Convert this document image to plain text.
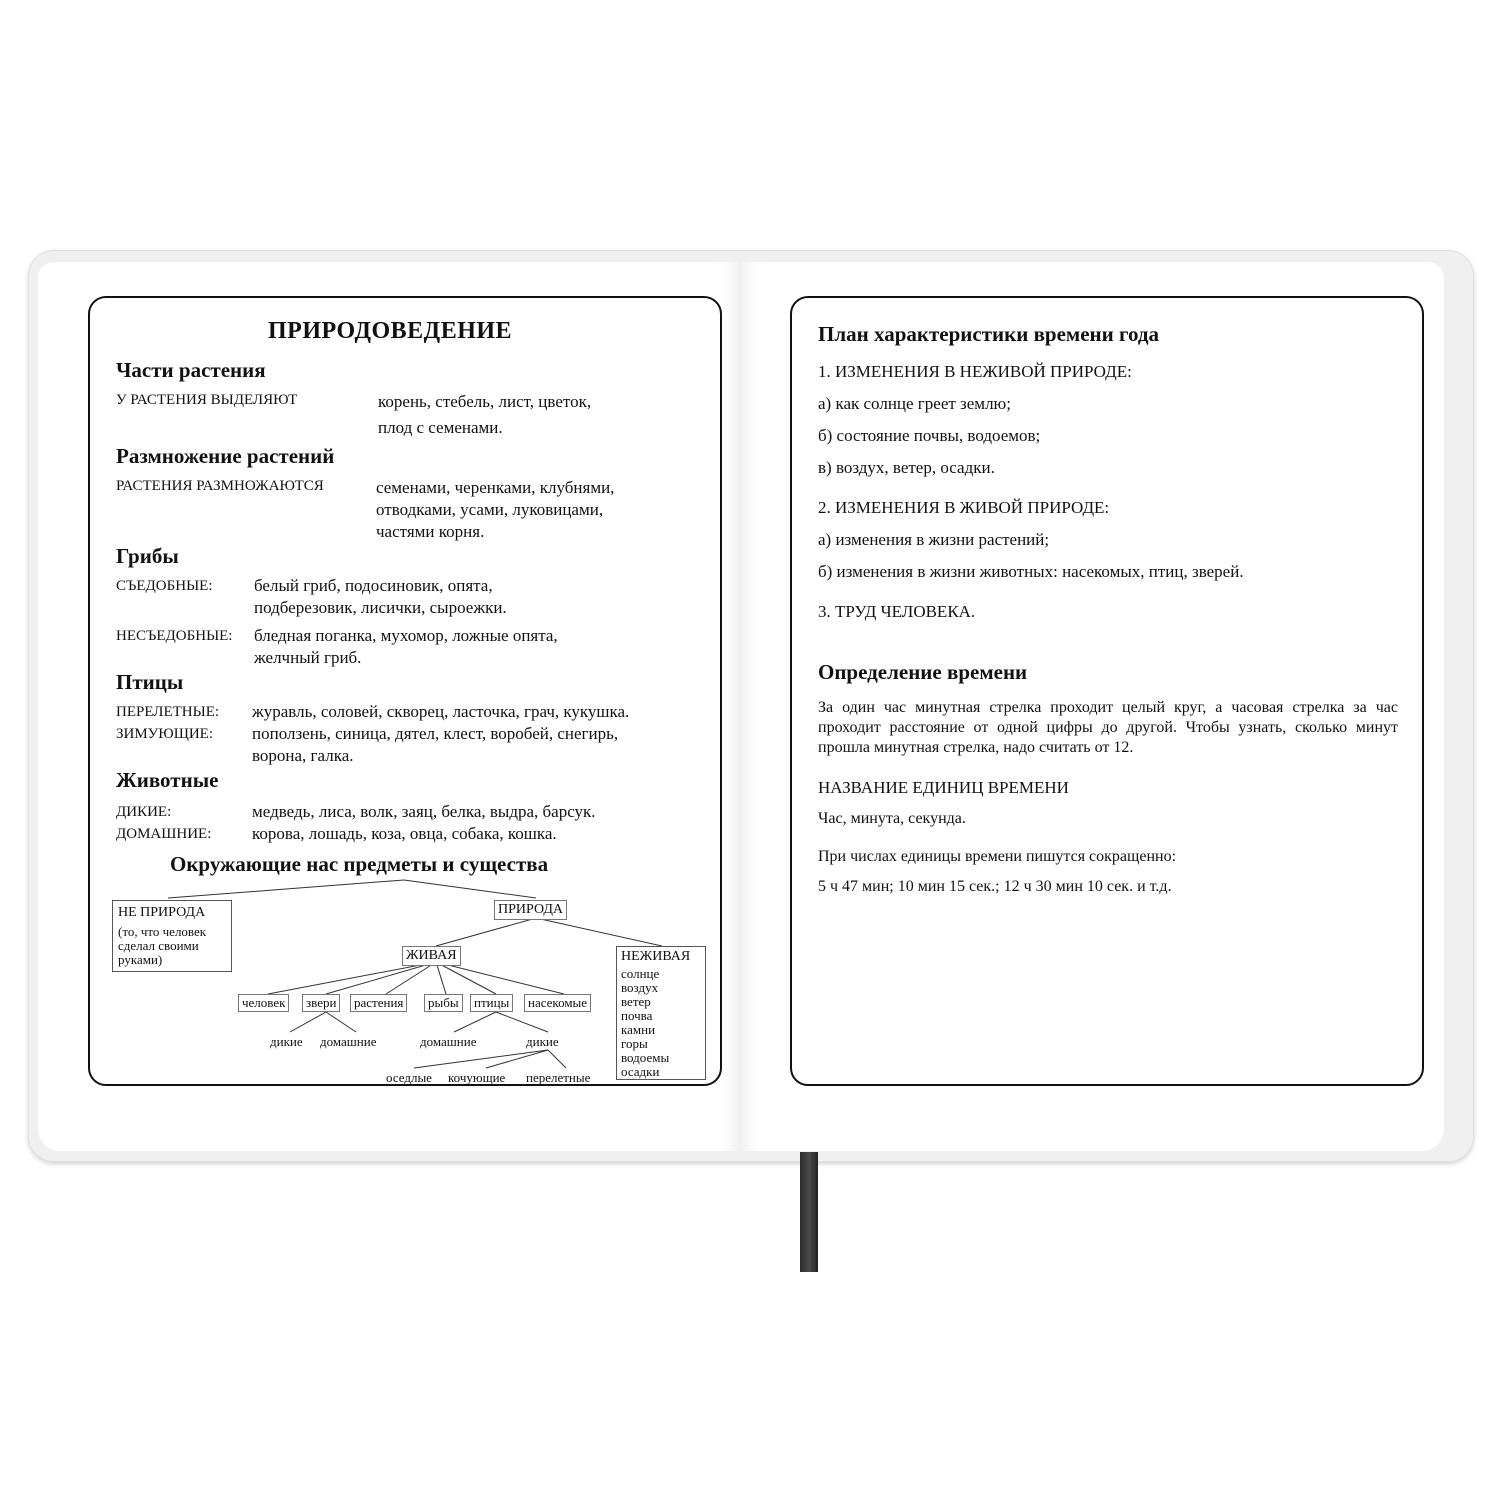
ПРИРОДОВЕДЕНИЕ
Части растения
У РАСТЕНИЯ ВЫДЕЛЯЮТ	корень, стебель, лист, цветок,
плод с семенами.
Размножение растений
РАСТЕНИЯ РАЗМНОЖАЮТСЯ	семенами, черенками, клубнями,
отводками, усами, луковицами,
частями корня.
Грибы
СЪЕДОБНЫЕ: белый гриб, подосиновик, опята,
подберезовик, лисички, сыроежки.
НЕСЪЕДОБНЫЕ: бледная поганка, мухомор, ложные опята,
желчный гриб.
Птицы
ПЕРЕЛЕТНЫЕ: журавль, соловей, скворец, ласточка, грач, кукушка.
ЗИМУЮЩИЕ: поползень, синица, дятел, клест, воробей, снегирь,
ворона, галка.
Животные
ДИКИЕ:	медведь, лиса, волк, заяц, белка, выдра, барсук.
ДОМАШНИЕ: корова, лошадь, коза, овца, собака, кошка.
Окружающие нас предметы и существа
НЕ ПРИРОДА
(то, что человек
сделал своими
руками)
ПРИРОДА
ЖИВАЯ	НЕЖИВАЯ
солнце
воздух
ветер
почва
камни
горы
водоемы
осадки
человек	звери	растения	рыбы	птицы	насекомые
дикие домашние	домашние	дикие
оседлые кочующие перелетные
План характеристики времени года
1. ИЗМЕНЕНИЯ В НЕЖИВОЙ ПРИРОДЕ:
а) как солнце греет землю;
б) состояние почвы, водоемов;
в) воздух, ветер, осадки.
2. ИЗМЕНЕНИЯ В ЖИВОЙ ПРИРОДЕ:
а) изменения в жизни растений;
б) изменения в жизни животных: насекомых, птиц, зверей.
3. ТРУД ЧЕЛОВЕКА.
Определение времени
За один час минутная стрелка проходит целый круг, а часовая стрелка за час проходит расстояние от одной цифры до другой. Чтобы узнать, сколько минут прошла минутная стрелка, надо считать от 12.
НАЗВАНИЕ ЕДИНИЦ ВРЕМЕНИ
Час, минута, секунда.
При числах единицы времени пишутся сокращенно:
5 ч 47 мин; 10 мин 15 сек.; 12 ч 30 мин 10 сек. и т.д.
